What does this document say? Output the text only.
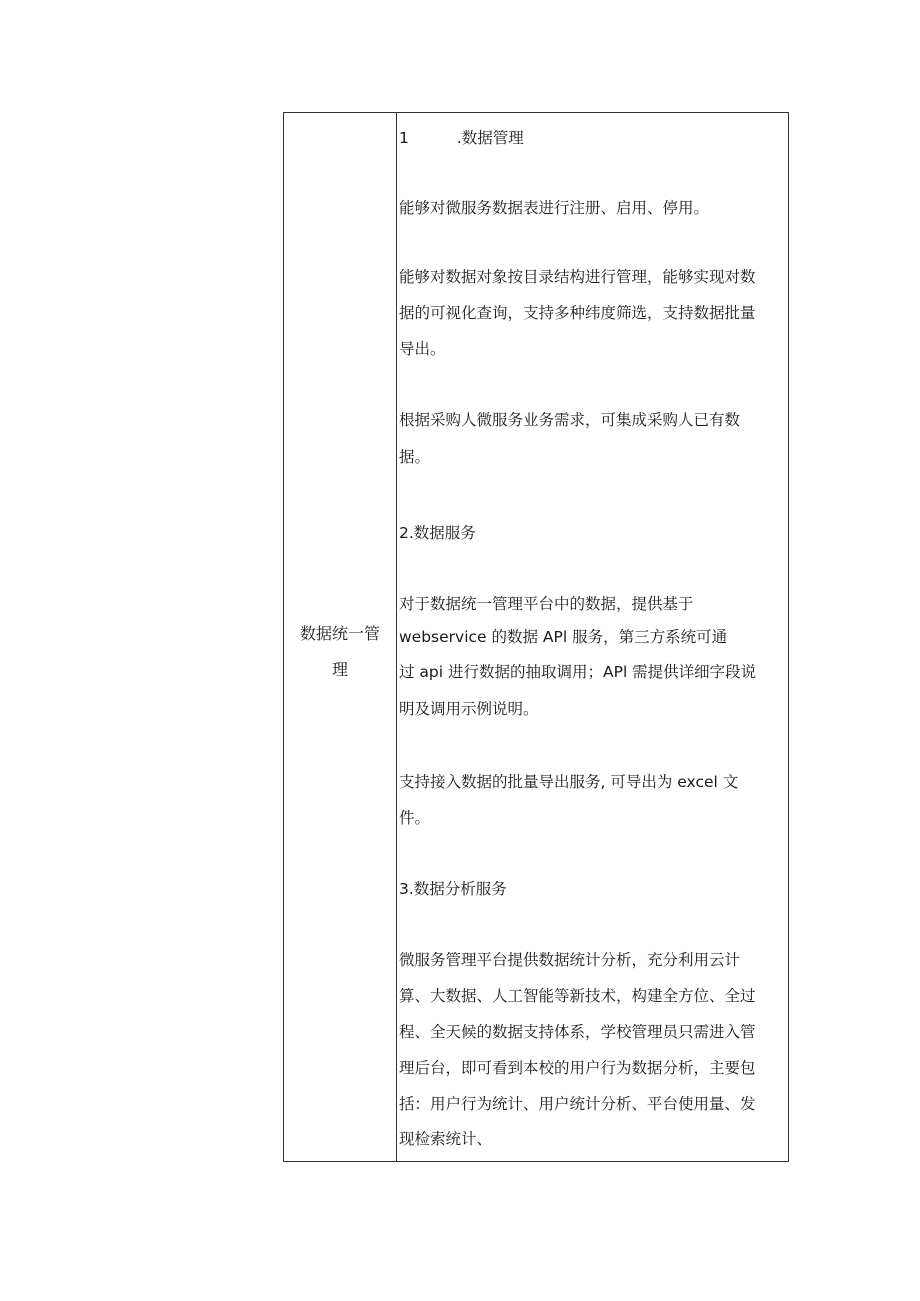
数据统一管理
1	.数据管理
能够对微服务数据表进行注册、启用、停用。
能够对数据对象按目录结构进行管理，能够实现对数
据的可视化查询，支持多种纬度筛选，支持数据批量
导出。
根据采购人微服务业务需求，可集成采购人已有数
据。
2.数据服务
对于数据统一管理平台中的数据，提供基于
webservice 的数据 APl 服务，第三方系统可通
过 api 进行数据的抽取调用；APl 需提供详细字段说
明及调用示例说明。
支持接入数据的批量导出服务, 可导出为 excel 文
件。
3.数据分析服务
微服务管理平台提供数据统计分析，充分利用云计
算、大数据、人工智能等新技术，构建全方位、全过
程、全天候的数据支持体系，学校管理员只需进入管
理后台，即可看到本校的用户行为数据分析，主要包
括：用户行为统计、用户统计分析、平台使用量、发
现检索统计、
